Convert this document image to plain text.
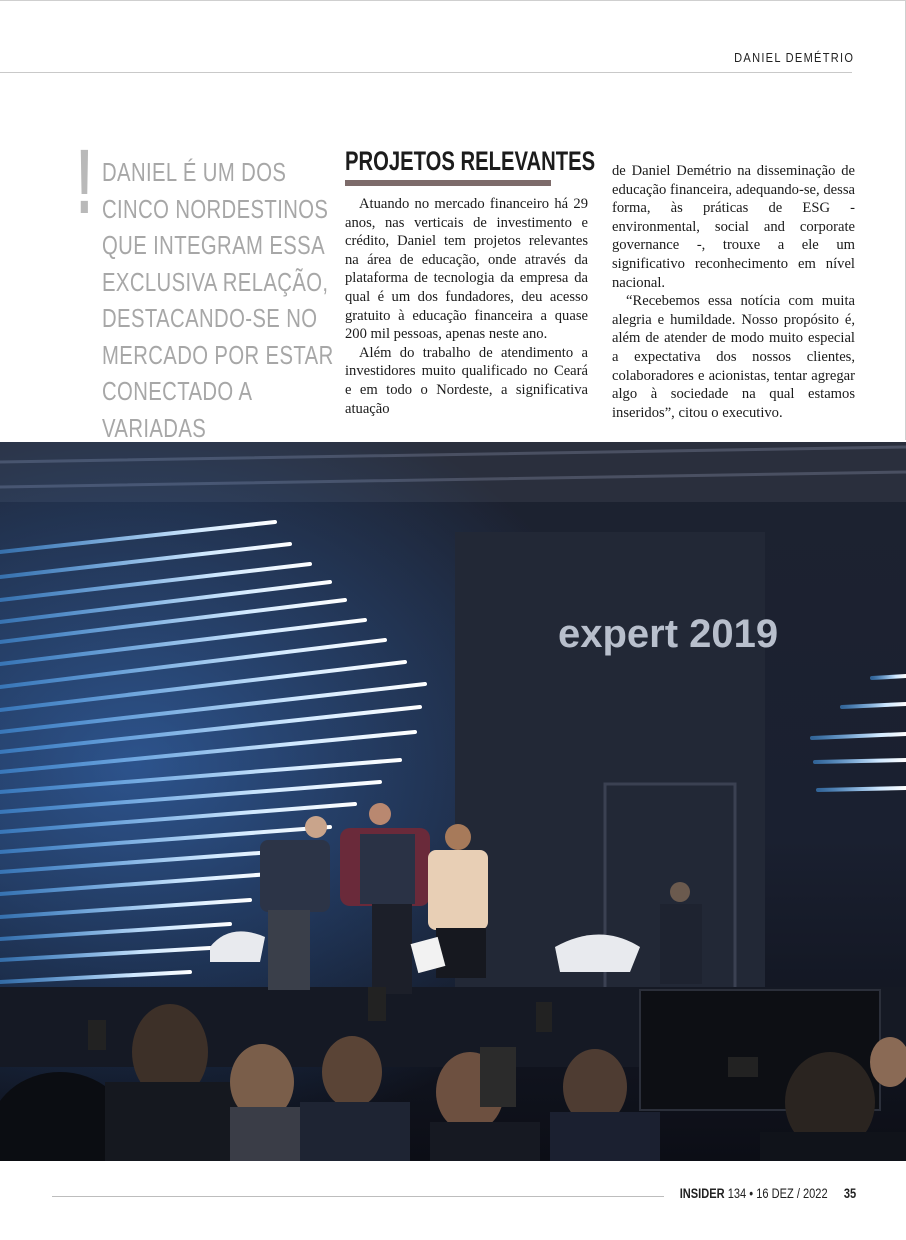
DANIEL DEMÉTRIO
! DANIEL É UM DOS CINCO NORDESTINOS QUE INTEGRAM ESSA EXCLUSIVA RELAÇÃO, DESTACANDO-SE NO MERCADO POR ESTAR CONECTADO A VARIADAS
PROJETOS RELEVANTES

Atuando no mercado financeiro há 29 anos, nas verticais de investimento e crédito, Daniel tem projetos relevantes na área de educação, onde através da plataforma de tecnologia da empresa da qual é um dos fundadores, deu acesso gratuito à educação financeira a quase 200 mil pessoas, apenas neste ano.

Além do trabalho de atendimento a investidores muito qualificado no Ceará e em todo o Nordeste, a significativa atuação

de Daniel Demétrio na disseminação de educação financeira, adequando-se, dessa forma, às práticas de ESG - environmental, social and corporate governance -, trouxe a ele um significativo reconhecimento em nível nacional.

“Recebemos essa notícia com muita alegria e humildade. Nosso propósito é, além de atender de modo muito especial a expectativa dos nossos clientes, colaboradores e acionistas, tentar agregar algo à sociedade na qual estamos inseridos”, citou o executivo.

expert 2019
INSIDER 134 • 16 DEZ / 2022 35
